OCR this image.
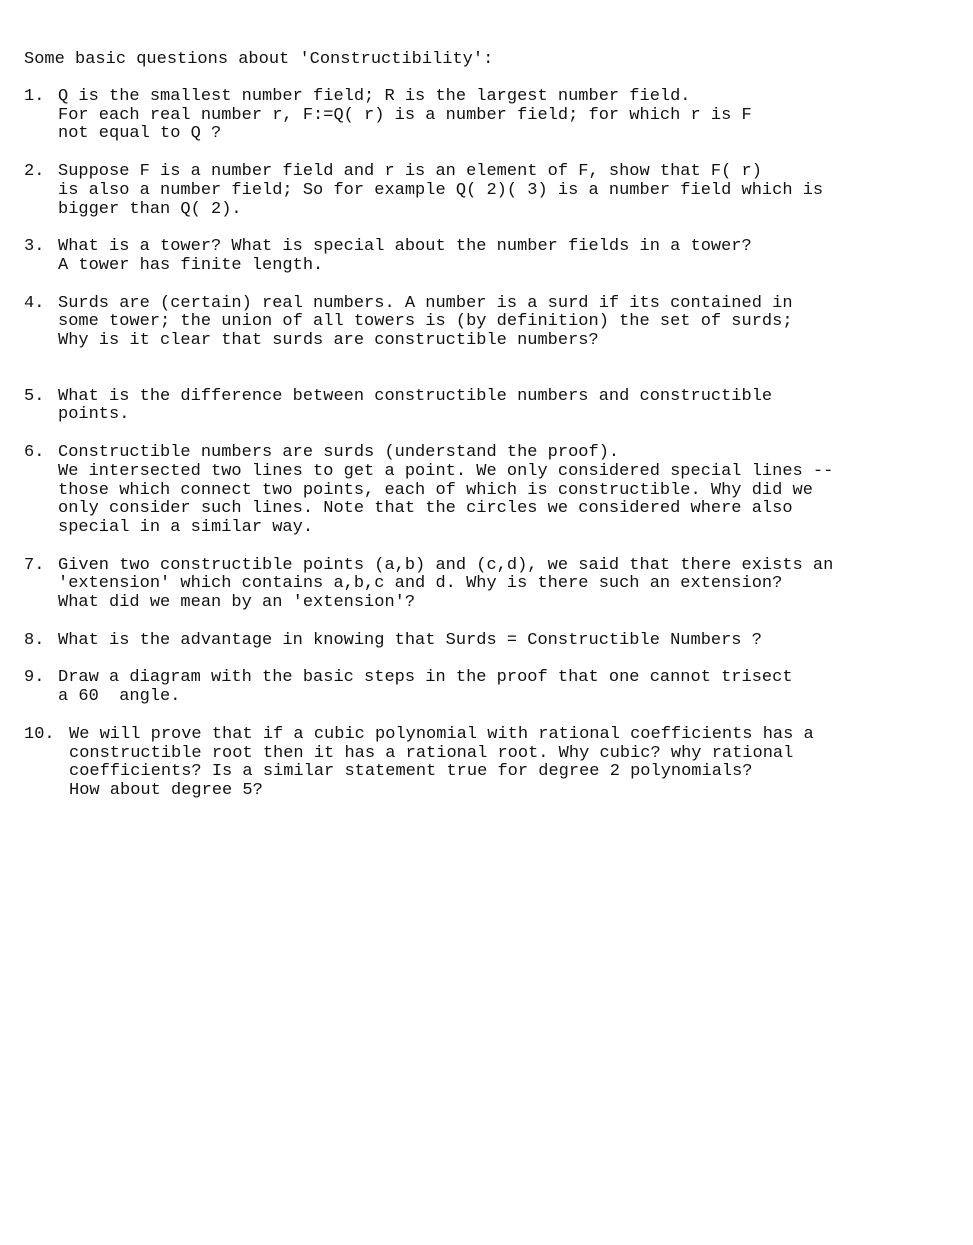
Some basic questions about 'Constructibility':
1. Q is the smallest number field; R is the largest number field.
For each real number r, F:=Q( r) is a number field; for which r is F
not equal to Q ?
2. Suppose F is a number field and r is an element of F, show that F( r)
is also a number field; So for example Q( 2)( 3) is a number field which is
bigger than Q( 2).
3. What is a tower? What is special about the number fields in a tower?
A tower has finite length.
4. Surds are (certain) real numbers. A number is a surd if its contained in
some tower; the union of all towers is (by definition) the set of surds;
Why is it clear that surds are constructible numbers?
5. What is the difference between constructible numbers and constructible
points.
6. Constructible numbers are surds (understand the proof).
We intersected two lines to get a point. We only considered special lines --
those which connect two points, each of which is constructible. Why did we
only consider such lines. Note that the circles we considered where also
special in a similar way.
7. Given two constructible points (a,b) and (c,d), we said that there exists an
'extension' which contains a,b,c and d. Why is there such an extension?
What did we mean by an 'extension'?
8. What is the advantage in knowing that Surds = Constructible Numbers ?
9. Draw a diagram with the basic steps in the proof that one cannot trisect
a 60  angle.
10. We will prove that if a cubic polynomial with rational coefficients has a
constructible root then it has a rational root. Why cubic? why rational
coefficients? Is a similar statement true for degree 2 polynomials?
How about degree 5?
